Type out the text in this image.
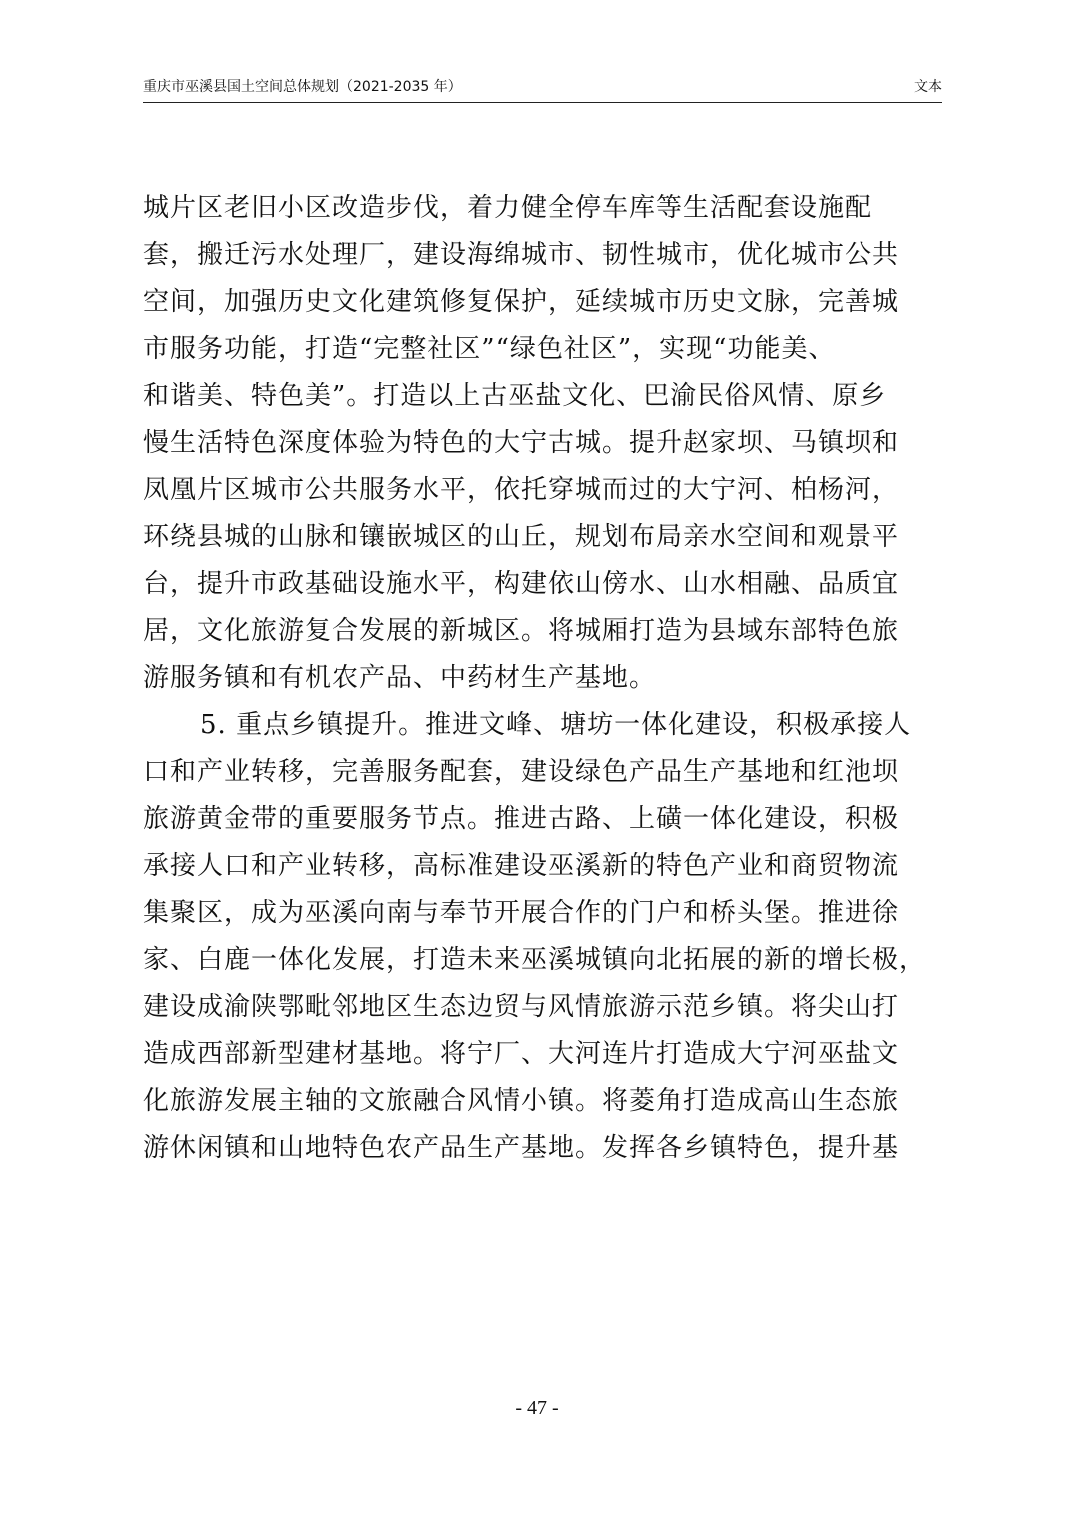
重庆市巫溪县国土空间总体规划（2021-2035 年）	文本
城片区老旧小区改造步伐，着力健全停车库等生活配套设施配
套，搬迁污水处理厂，建设海绵城市、韧性城市，优化城市公共
空间，加强历史文化建筑修复保护，延续城市历史文脉，完善城
市服务功能，打造“完整社区”“绿色社区”，实现“功能美、
和谐美、特色美”。打造以上古巫盐文化、巴渝民俗风情、原乡
慢生活特色深度体验为特色的大宁古城。提升赵家坝、马镇坝和
凤凰片区城市公共服务水平，依托穿城而过的大宁河、柏杨河，
环绕县城的山脉和镶嵌城区的山丘，规划布局亲水空间和观景平
台，提升市政基础设施水平，构建依山傍水、山水相融、品质宜
居，文化旅游复合发展的新城区。将城厢打造为县域东部特色旅
游服务镇和有机农产品、中药材生产基地。
5. 重点乡镇提升。推进文峰、塘坊一体化建设，积极承接人
口和产业转移，完善服务配套，建设绿色产品生产基地和红池坝
旅游黄金带的重要服务节点。推进古路、上磺一体化建设，积极
承接人口和产业转移，高标准建设巫溪新的特色产业和商贸物流
集聚区，成为巫溪向南与奉节开展合作的门户和桥头堡。推进徐
家、白鹿一体化发展，打造未来巫溪城镇向北拓展的新的增长极，
建设成渝陕鄂毗邻地区生态边贸与风情旅游示范乡镇。将尖山打
造成西部新型建材基地。将宁厂、大河连片打造成大宁河巫盐文
化旅游发展主轴的文旅融合风情小镇。将菱角打造成高山生态旅
游休闲镇和山地特色农产品生产基地。发挥各乡镇特色，提升基
- 47 -
